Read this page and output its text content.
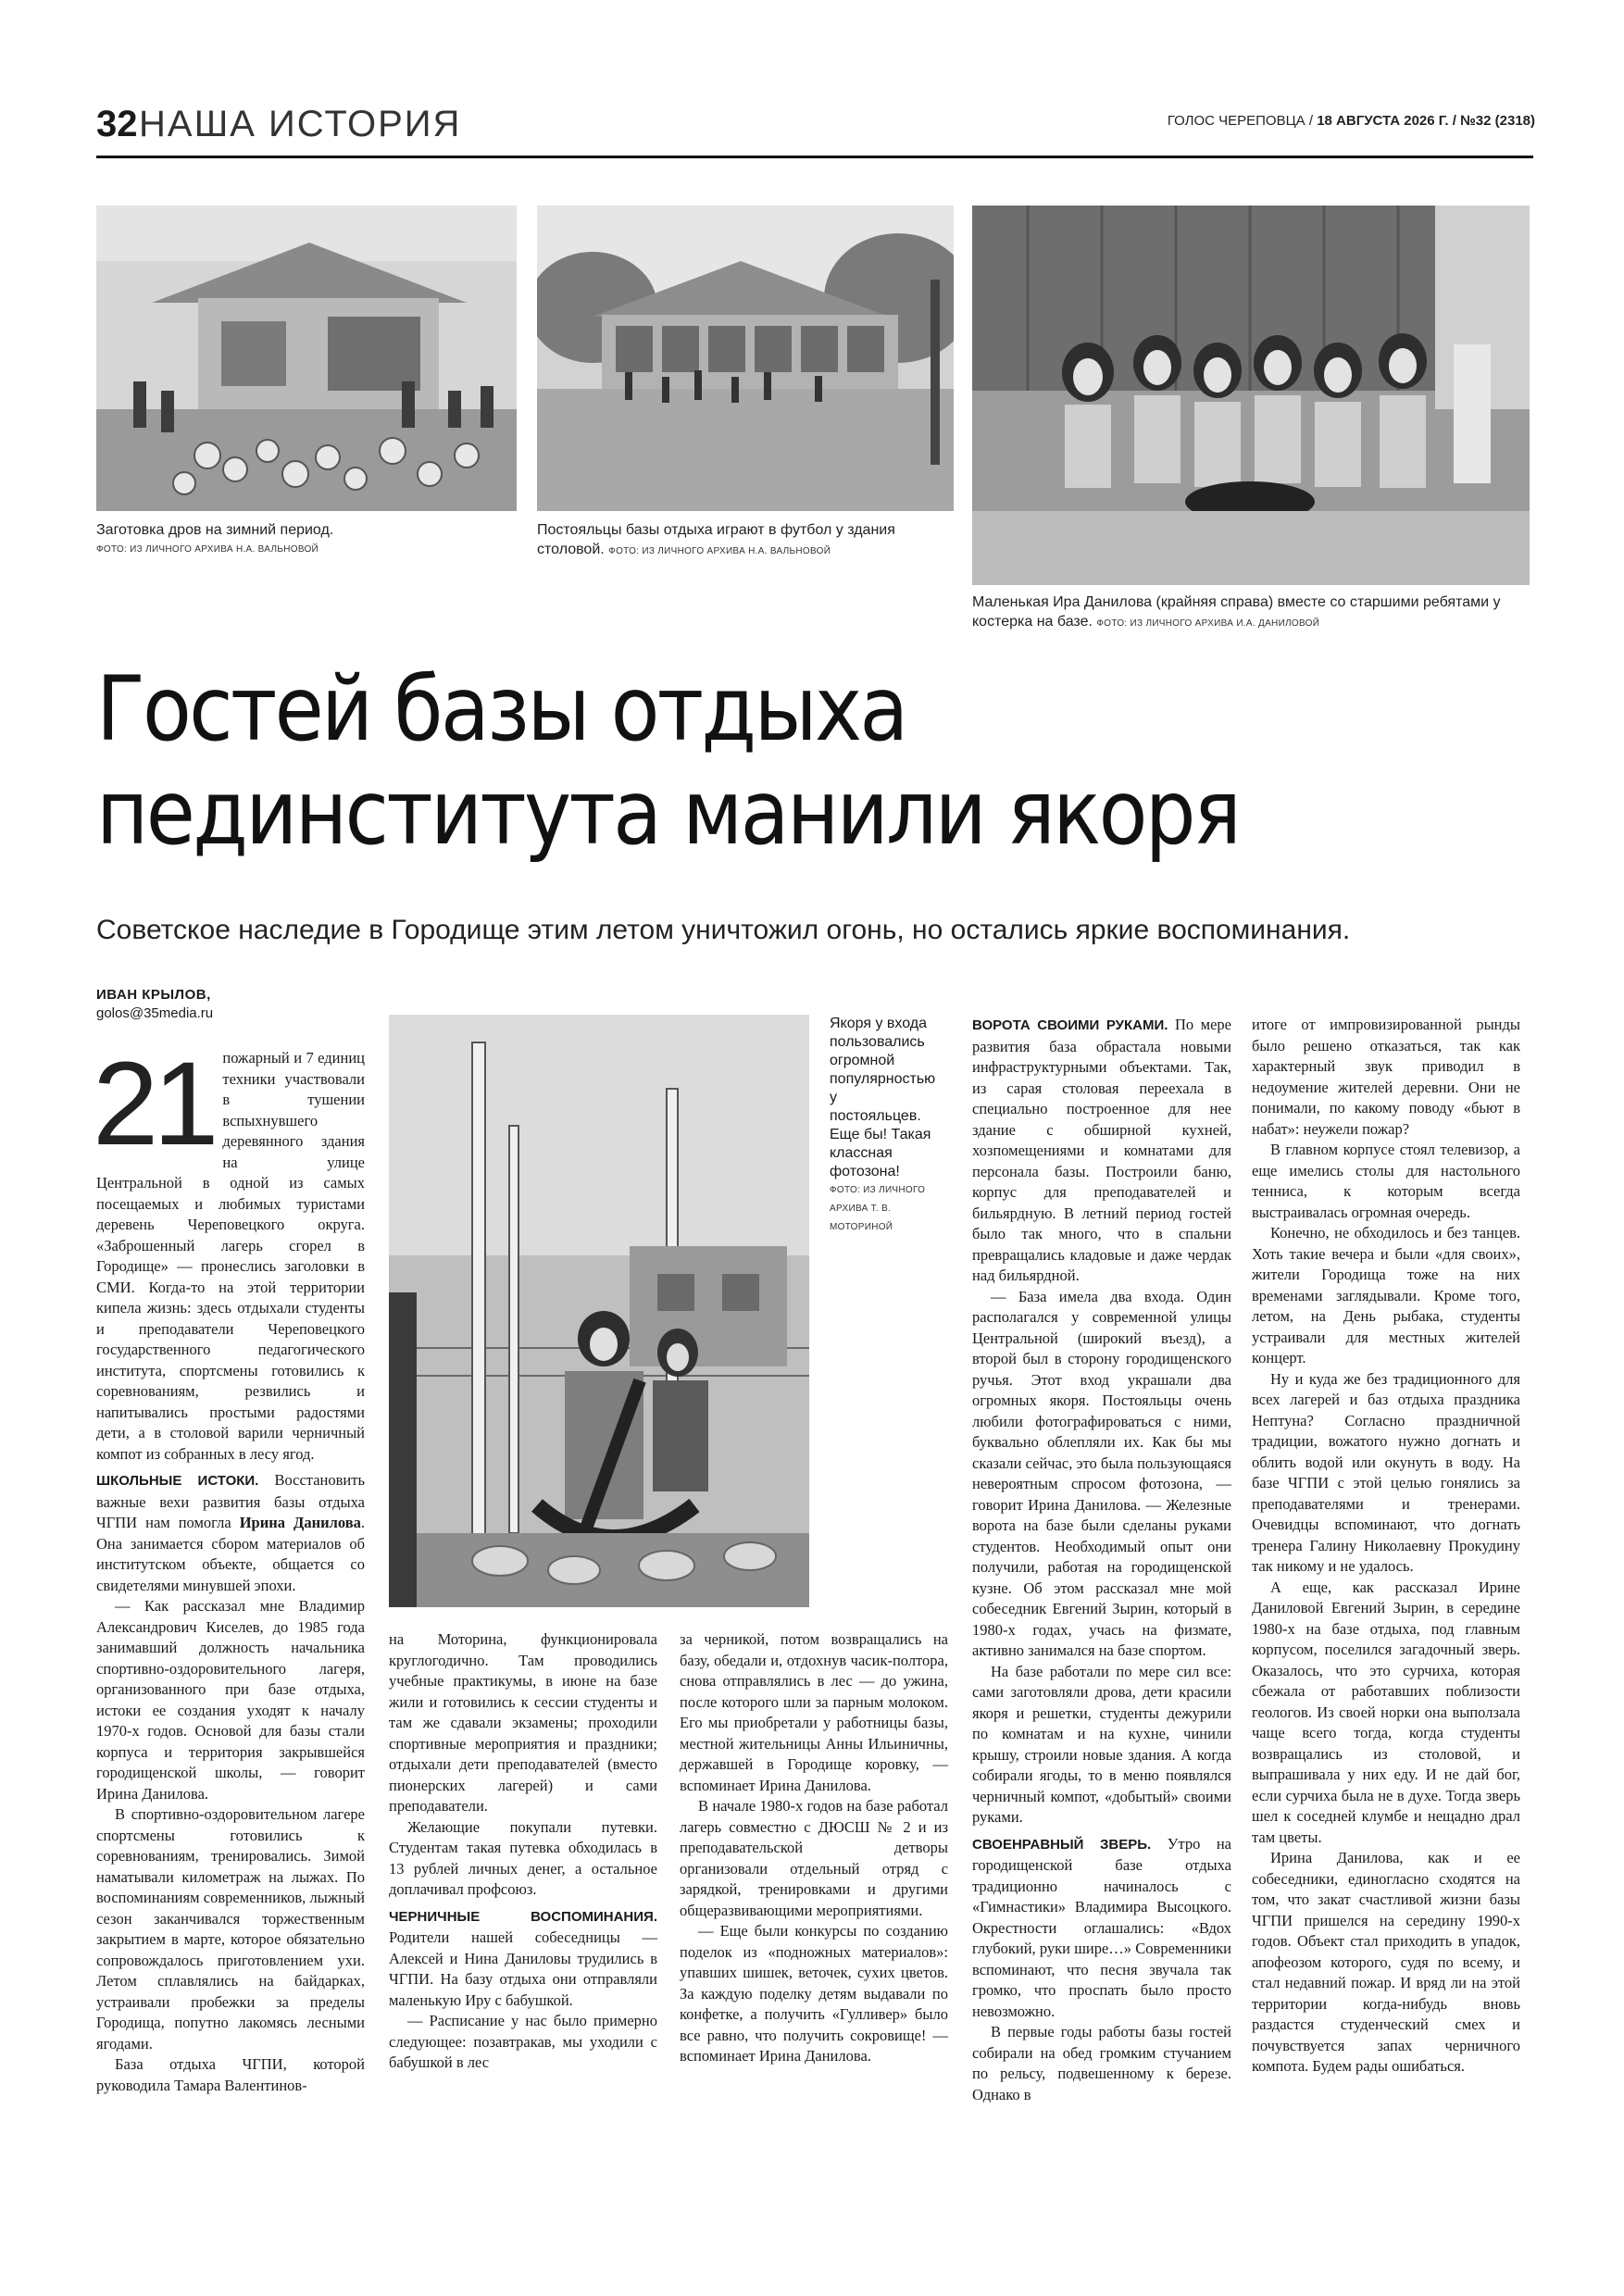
32 НАША ИСТОРИЯ	ГОЛОС ЧЕРЕПОВЦА / 18 АВГУСТА 2026 Г. / №32 (2318)
Заготовка дров на зимний период.
ФОТО: ИЗ ЛИЧНОГО АРХИВА Н.А. ВАЛЬНОВОЙ
Постояльцы базы отдыха играют в футбол у здания столовой. ФОТО: ИЗ ЛИЧНОГО АРХИВА Н.А. ВАЛЬНОВОЙ
Маленькая Ира Данилова (крайняя справа) вместе со старшими ребятами у костерка на базе. ФОТО: ИЗ ЛИЧНОГО АРХИВА И.А. ДАНИЛОВОЙ
Гостей базы отдыха
пединститута манили якоря
Советское наследие в Городище этим летом уничтожил огонь, но остались яркие воспоминания.
ИВАН КРЫЛОВ,
golos@35media.ru
Якоря у входа пользовались огромной популярностью у постояльцев. Еще бы! Такая классная фотозона!
ФОТО: ИЗ ЛИЧНОГО АРХИВА Т. В. МОТОРИНОЙ

21 пожарный и 7 единиц техники участвовали в тушении вспыхнувшего деревянного здания на улице Центральной в одной из самых посещаемых и любимых туристами деревень Череповецкого округа. «Заброшенный лагерь сгорел в Городище» — пронеслись заголовки в СМИ. Когда-то на этой территории кипела жизнь: здесь отдыхали студенты и преподаватели Череповецкого государственного педагогического института, спортсмены готовились к соревнованиям, резвились и напитывались простыми радостями дети, а в столовой варили черничный компот из собранных в лесу ягод.

ШКОЛЬНЫЕ ИСТОКИ. Восстановить важные вехи развития базы отдыха ЧГПИ нам помогла Ирина Данилова. Она занимается сбором материалов об институтском объекте, общается со свидетелями минувшей эпохи.

— Как рассказал мне Владимир Александрович Киселев, до 1985 года занимавший должность начальника спортивно-оздоровительного лагеря, организованного при базе отдыха, истоки ее создания уходят к началу 1970-х годов. Основой для базы стали корпуса и территория закрывшейся городищенской школы, — говорит Ирина Данилова.

В спортивно-оздоровительном лагере спортсмены готовились к соревнованиям, тренировались. Зимой наматывали километраж на лыжах. По воспоминаниям современников, лыжный сезон заканчивался торжественным закрытием в марте, которое обязательно сопровождалось приготовлением ухи. Летом сплавлялись на байдарках, устраивали пробежки за пределы Городища, попутно лакомясь лесными ягодами.

База отдыха ЧГПИ, которой руководила Тамара Валентинов-

на Моторина, функционировала круглогодично. Там проводились учебные практикумы, в июне на базе жили и готовились к сессии студенты и там же сдавали экзамены; проходили спортивные мероприятия и праздники; отдыхали дети преподавателей (вместо пионерских лагерей) и сами преподаватели.

Желающие покупали путевки. Студентам такая путевка обходилась в 13 рублей личных денег, а остальное доплачивал профсоюз.

ЧЕРНИЧНЫЕ ВОСПОМИНАНИЯ. Родители нашей собеседницы — Алексей и Нина Даниловы трудились в ЧГПИ. На базу отдыха они отправляли маленькую Иру с бабушкой.

— Расписание у нас было примерно следующее: позавтракав, мы уходили с бабушкой в лес

за черникой, потом возвращались на базу, обедали и, отдохнув часик-полтора, снова отправлялись в лес — до ужина, после которого шли за парным молоком. Его мы приобретали у работницы базы, местной жительницы Анны Ильиничны, державшей в Городище коровку, — вспоминает Ирина Данилова.

В начале 1980-х годов на базе работал лагерь совместно с ДЮСШ № 2 и из преподавательской детворы организовали отдельный отряд с зарядкой, тренировками и другими общеразвивающими мероприятиями.

— Еще были конкурсы по созданию поделок из «подножных материалов»: упавших шишек, веточек, сухих цветов. За каждую поделку детям выдавали по конфетке, а получить «Гулливер» было все равно, что получить сокровище! — вспоминает Ирина Данилова.

ВОРОТА СВОИМИ РУКАМИ. По мере развития база обрастала новыми инфраструктурными объектами. Так, из сарая столовая переехала в специально построенное для нее здание с обширной кухней, хозпомещениями и комнатами для персонала базы. Построили баню, корпус для преподавателей и бильярдную. В летний период гостей было так много, что в спальни превращались кладовые и даже чердак над бильярдной.

— База имела два входа. Один располагался у современной улицы Центральной (широкий въезд), а второй был в сторону городищенского ручья. Этот вход украшали два огромных якоря. Постояльцы очень любили фотографироваться с ними, буквально облепляли их. Как бы мы сказали сейчас, это была пользующаяся невероятным спросом фотозона, — говорит Ирина Данилова. — Железные ворота на базе были сделаны руками студентов. Необходимый опыт они получили, работая на городищенской кузне. Об этом рассказал мне мой собеседник Евгений Зырин, который в 1980-х годах, учась на физмате, активно занимался на базе спортом.

На базе работали по мере сил все: сами заготовляли дрова, дети красили якоря и решетки, студенты дежурили по комнатам и на кухне, чинили крышу, строили новые здания. А когда собирали ягоды, то в меню появлялся черничный компот, «добытый» своими руками.

СВОЕНРАВНЫЙ ЗВЕРЬ. Утро на городищенской базе отдыха традиционно начиналось с «Гимнастики» Владимира Высоцкого. Окрестности оглашались: «Вдох глубокий, руки шире…» Современники вспоминают, что песня звучала так громко, что проспать было просто невозможно.

В первые годы работы базы гостей собирали на обед громким стучанием по рельсу, подвешенному к березе. Однако в

итоге от импровизированной рынды было решено отказаться, так как характерный звук приводил в недоумение жителей деревни. Они не понимали, по какому поводу «бьют в набат»: неужели пожар?

В главном корпусе стоял телевизор, а еще имелись столы для настольного тенниса, к которым всегда выстраивалась огромная очередь.

Конечно, не обходилось и без танцев. Хоть такие вечера и были «для своих», жители Городища тоже на них временами заглядывали. Кроме того, летом, на День рыбака, студенты устраивали для местных жителей концерт.

Ну и куда же без традиционного для всех лагерей и баз отдыха праздника Нептуна? Согласно праздничной традиции, вожатого нужно догнать и облить водой или окунуть в воду. На базе ЧГПИ с этой целью гонялись за преподавателями и тренерами. Очевидцы вспоминают, что догнать тренера Галину Николаевну Прокудину так никому и не удалось.

А еще, как рассказал Ирине Даниловой Евгений Зырин, в середине 1980-х на базе отдыха, под главным корпусом, поселился загадочный зверь. Оказалось, что это сурчиха, которая сбежала от работавших поблизости геологов. Из своей норки она выползала чаще всего тогда, когда студенты возвращались из столовой, и выпрашивала у них еду. И не дай бог, если сурчиха была не в духе. Тогда зверь шел к соседней клумбе и нещадно драл там цветы.

Ирина Данилова, как и ее собеседники, единогласно сходятся на том, что закат счастливой жизни базы ЧГПИ пришелся на середину 1990-х годов. Объект стал приходить в упадок, апофеозом которого, судя по всему, и стал недавний пожар. И вряд ли на этой территории когда-нибудь вновь раздастся студенческий смех и почувствуется запах черничного компота. Будем рады ошибаться.
